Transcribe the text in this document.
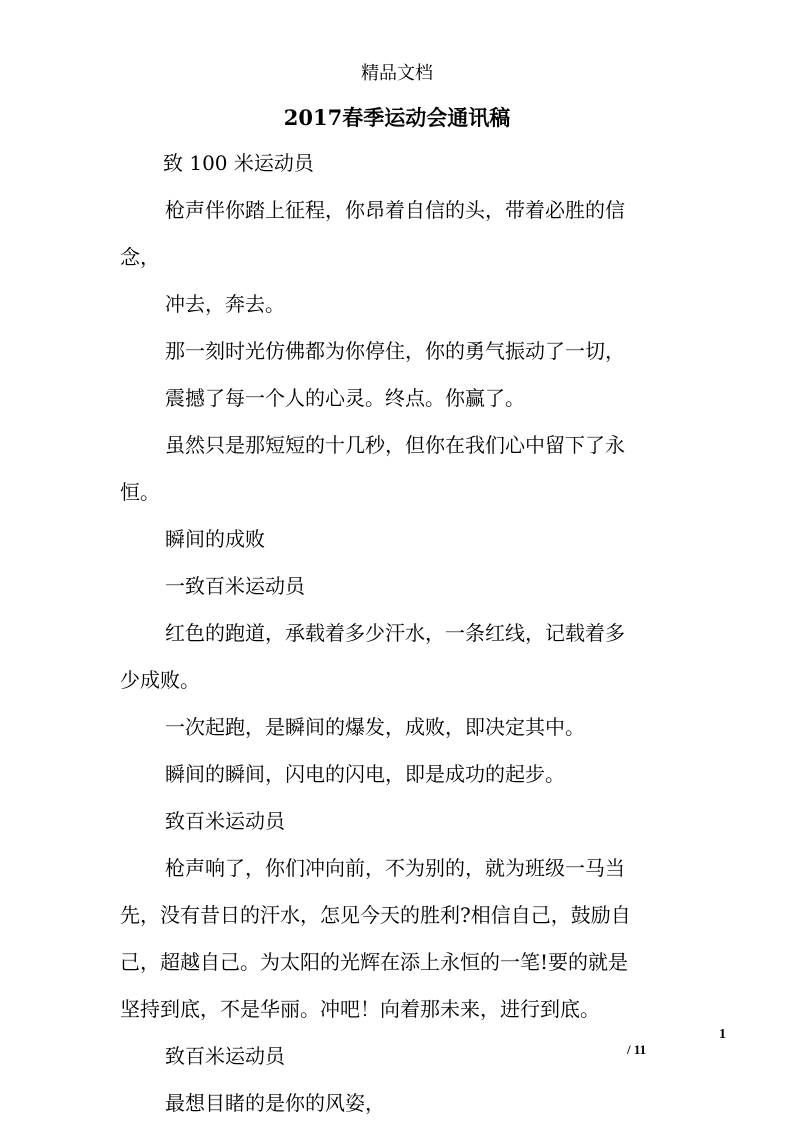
精品文档
2017春季运动会通讯稿
致 100 米运动员
枪声伴你踏上征程，你昂着自信的头，带着必胜的信
念，
冲去，奔去。
那一刻时光仿佛都为你停住，你的勇气振动了一切，
震撼了每一个人的心灵。终点。你赢了。
虽然只是那短短的十几秒，但你在我们心中留下了永
恒。
瞬间的成败
一致百米运动员
红色的跑道，承载着多少汗水，一条红线，记载着多
少成败。
一次起跑，是瞬间的爆发，成败，即决定其中。
瞬间的瞬间，闪电的闪电，即是成功的起步。
致百米运动员
枪声响了，你们冲向前，不为别的，就为班级一马当
先，没有昔日的汗水，怎见今天的胜利?相信自己，鼓励自
己，超越自己。为太阳的光辉在添上永恒的一笔!要的就是
坚持到底，不是华丽。冲吧！向着那未来，进行到底。
致百米运动员
最想目睹的是你的风姿，
1
/ 11
